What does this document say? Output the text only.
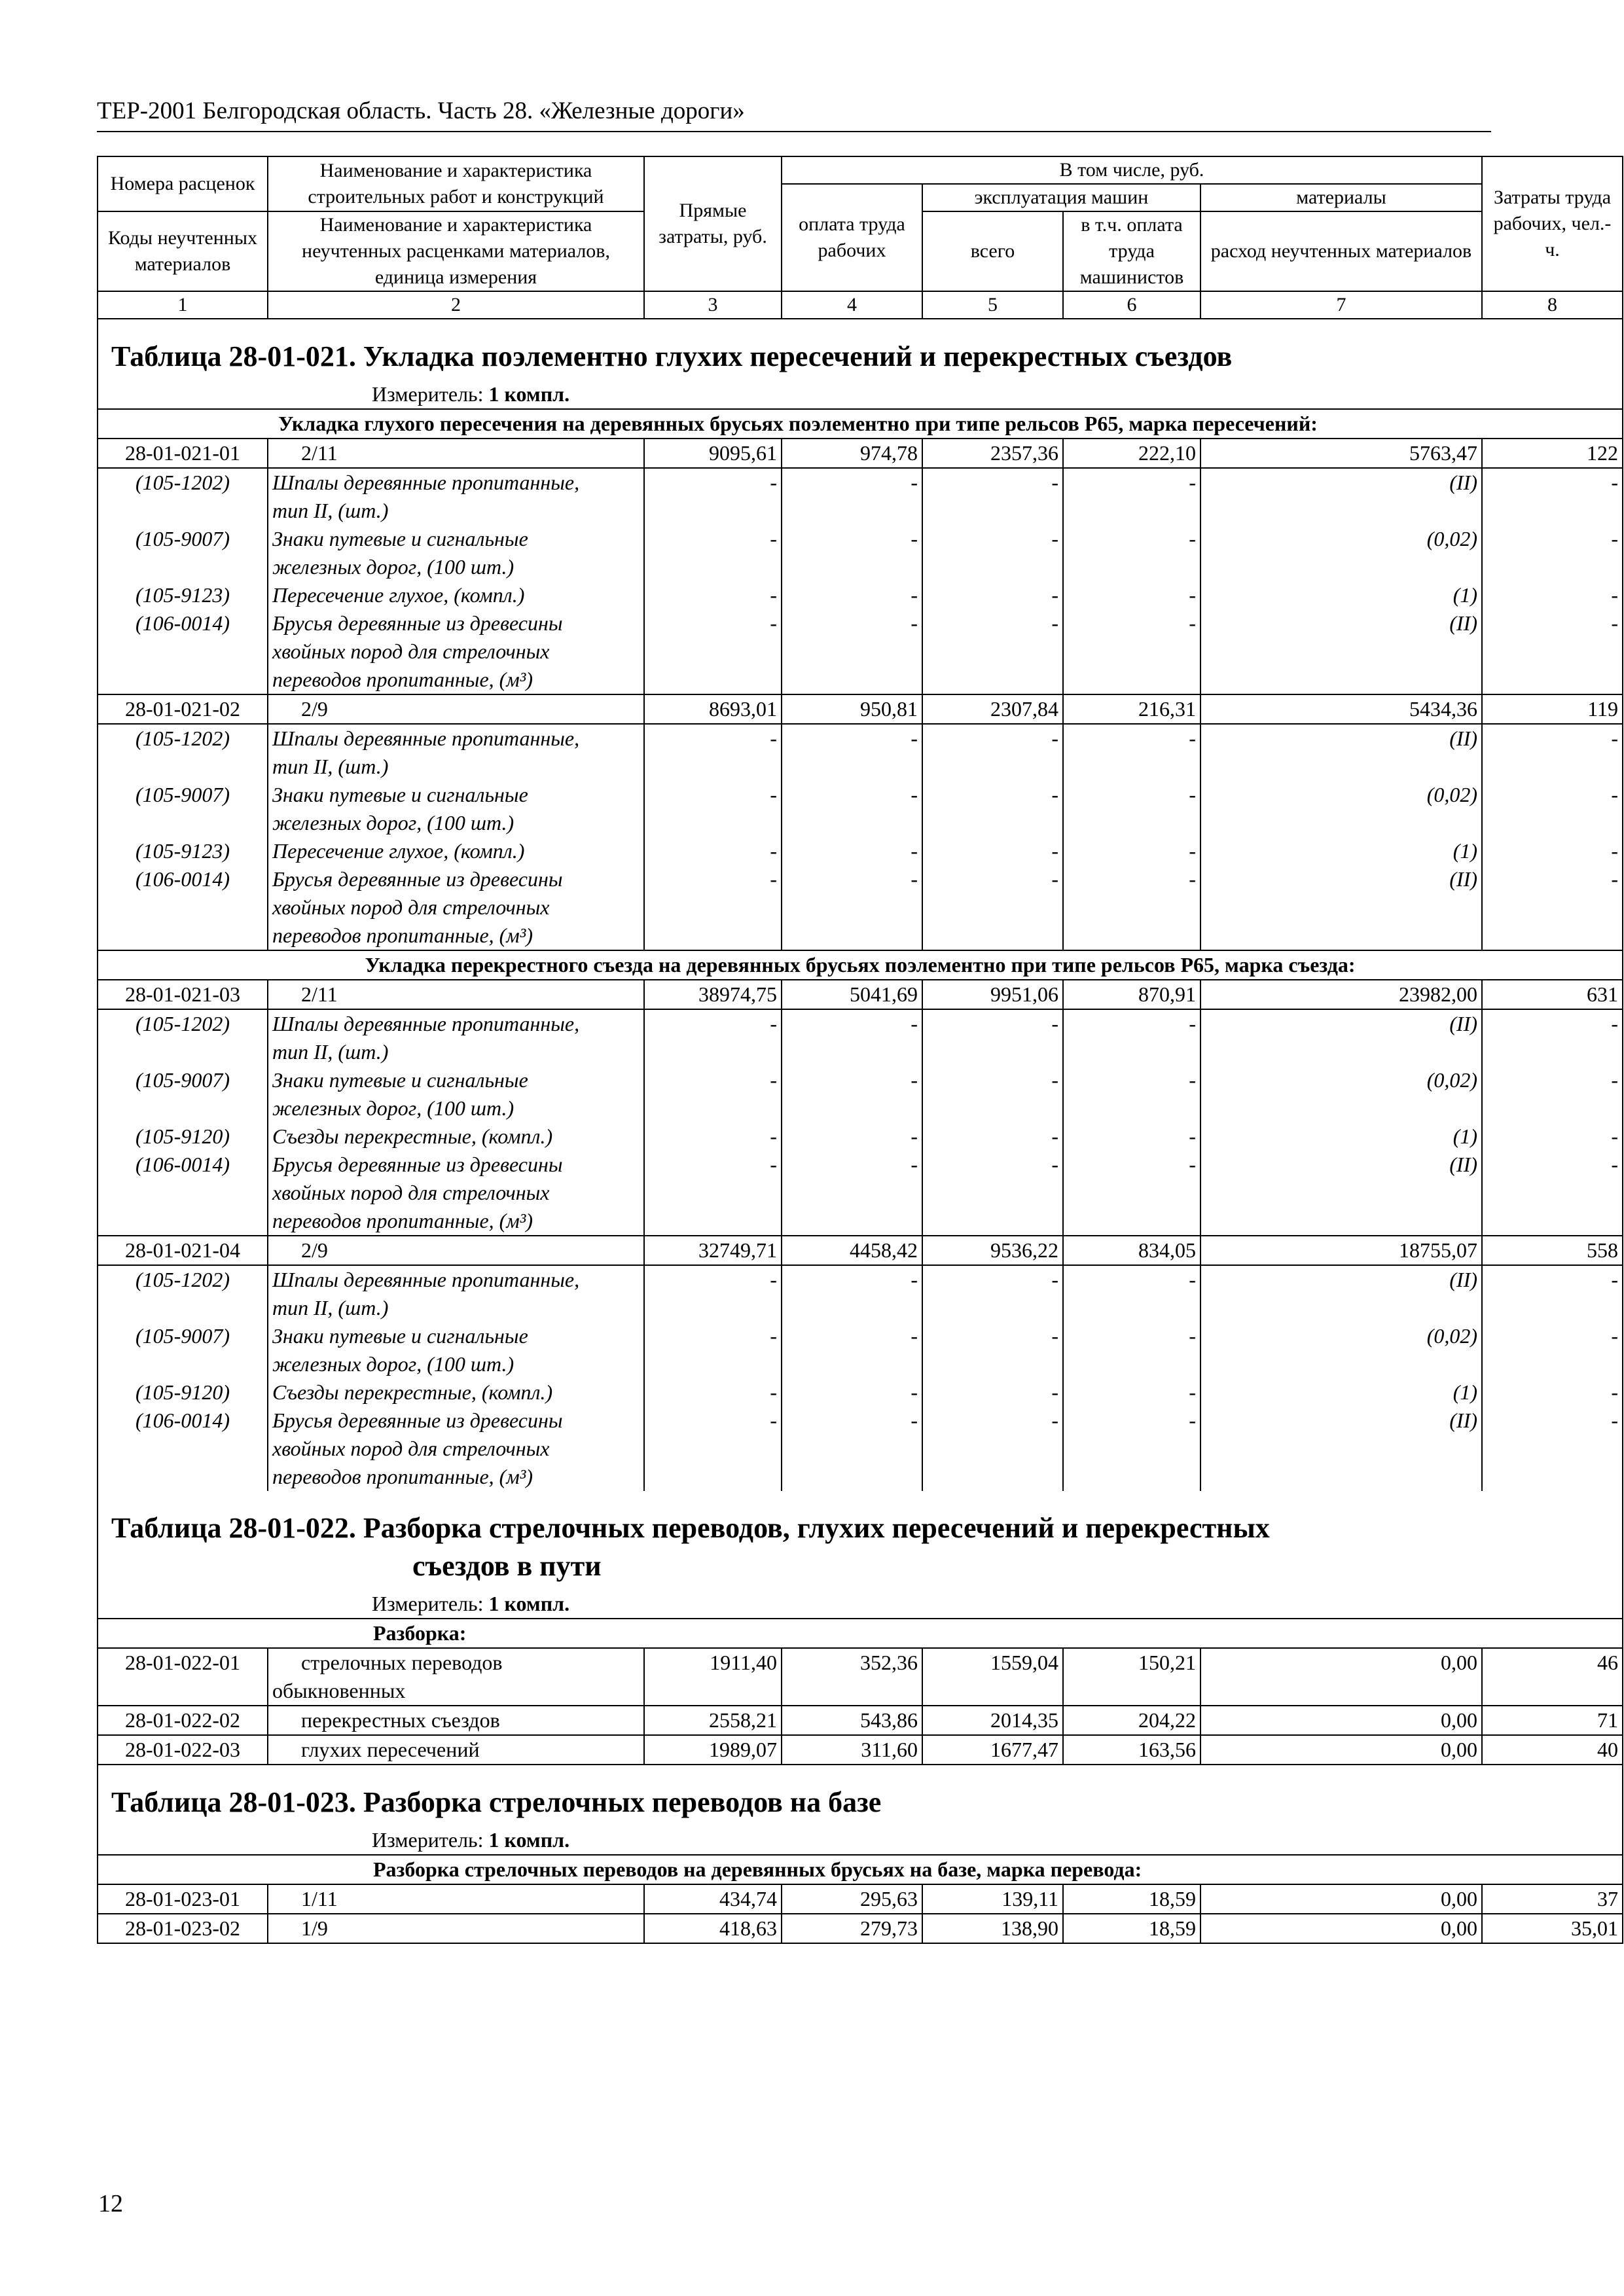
ТЕР-2001 Белгородская область. Часть 28. «Железные дороги»
Номера расценок	Наименование и характеристика строительных работ и конструкций	Прямые затраты, руб.	В том числе, руб.				Затраты труда рабочих, чел.-ч.
			оплата труда рабочих	эксплуатация машин		материалы	
Коды неучтенных материалов	Наименование и характеристика неучтенных расценками материалов, единица измерения			всего	в т.ч. оплата труда машинистов	расход неучтенных материалов	
1	2	3	4	5	6	7	8
Таблица 28-01-021. Укладка поэлементно глухих пересечений и перекрестных съездов							
Измеритель: 1 компл.							
Укладка глухого пересечения на деревянных брусьях поэлементно при типе рельсов Р65, марка пересечений:							
28-01-021-01	2/11	9095,61	974,78	2357,36	222,10	5763,47	122
(105-1202)	Шпалы деревянные пропитанные,	-	-	-	-	(II)	-
	тип II, (шт.)						
(105-9007)	Знаки путевые и сигнальные	-	-	-	-	(0,02)	-
	железных дорог, (100 шт.)						
(105-9123)	Пересечение глухое, (компл.)	-	-	-	-	(1)	-
(106-0014)	Брусья деревянные из древесины	-	-	-	-	(II)	-
	хвойных пород для стрелочных						
	переводов пропитанные, (м³)						
28-01-021-02	2/9	8693,01	950,81	2307,84	216,31	5434,36	119
(105-1202)	Шпалы деревянные пропитанные,	-	-	-	-	(II)	-
	тип II, (шт.)						
(105-9007)	Знаки путевые и сигнальные	-	-	-	-	(0,02)	-
	железных дорог, (100 шт.)						
(105-9123)	Пересечение глухое, (компл.)	-	-	-	-	(1)	-
(106-0014)	Брусья деревянные из древесины	-	-	-	-	(II)	-
	хвойных пород для стрелочных						
	переводов пропитанные, (м³)						
Укладка перекрестного съезда на деревянных брусьях поэлементно при типе рельсов Р65, марка съезда:							
28-01-021-03	2/11	38974,75	5041,69	9951,06	870,91	23982,00	631
(105-1202)	Шпалы деревянные пропитанные,	-	-	-	-	(II)	-
	тип II, (шт.)						
(105-9007)	Знаки путевые и сигнальные	-	-	-	-	(0,02)	-
	железных дорог, (100 шт.)						
(105-9120)	Съезды перекрестные, (компл.)	-	-	-	-	(1)	-
(106-0014)	Брусья деревянные из древесины	-	-	-	-	(II)	-
	хвойных пород для стрелочных						
	переводов пропитанные, (м³)						
28-01-021-04	2/9	32749,71	4458,42	9536,22	834,05	18755,07	558
(105-1202)	Шпалы деревянные пропитанные,	-	-	-	-	(II)	-
	тип II, (шт.)						
(105-9007)	Знаки путевые и сигнальные	-	-	-	-	(0,02)	-
	железных дорог, (100 шт.)						
(105-9120)	Съезды перекрестные, (компл.)	-	-	-	-	(1)	-
(106-0014)	Брусья деревянные из древесины	-	-	-	-	(II)	-
	хвойных пород для стрелочных						
	переводов пропитанные, (м³)						
Таблица 28-01-022. Разборка стрелочных переводов, глухих пересечений и перекрестных
съездов в пути							

Измеритель: 1 компл.							
Разборка:							
28-01-022-01	стрелочных переводов
обыкновенных	1911,40	352,36	1559,04	150,21	0,00	46
28-01-022-02	перекрестных съездов	2558,21	543,86	2014,35	204,22	0,00	71
28-01-022-03	глухих пересечений	1989,07	311,60	1677,47	163,56	0,00	40
Таблица 28-01-023. Разборка стрелочных переводов на базе							
Измеритель: 1 компл.							
Разборка стрелочных переводов на деревянных брусьях на базе, марка перевода:							
28-01-023-01	1/11	434,74	295,63	139,11	18,59	0,00	37
28-01-023-02	1/9	418,63	279,73	138,90	18,59	0,00	35,01
12
